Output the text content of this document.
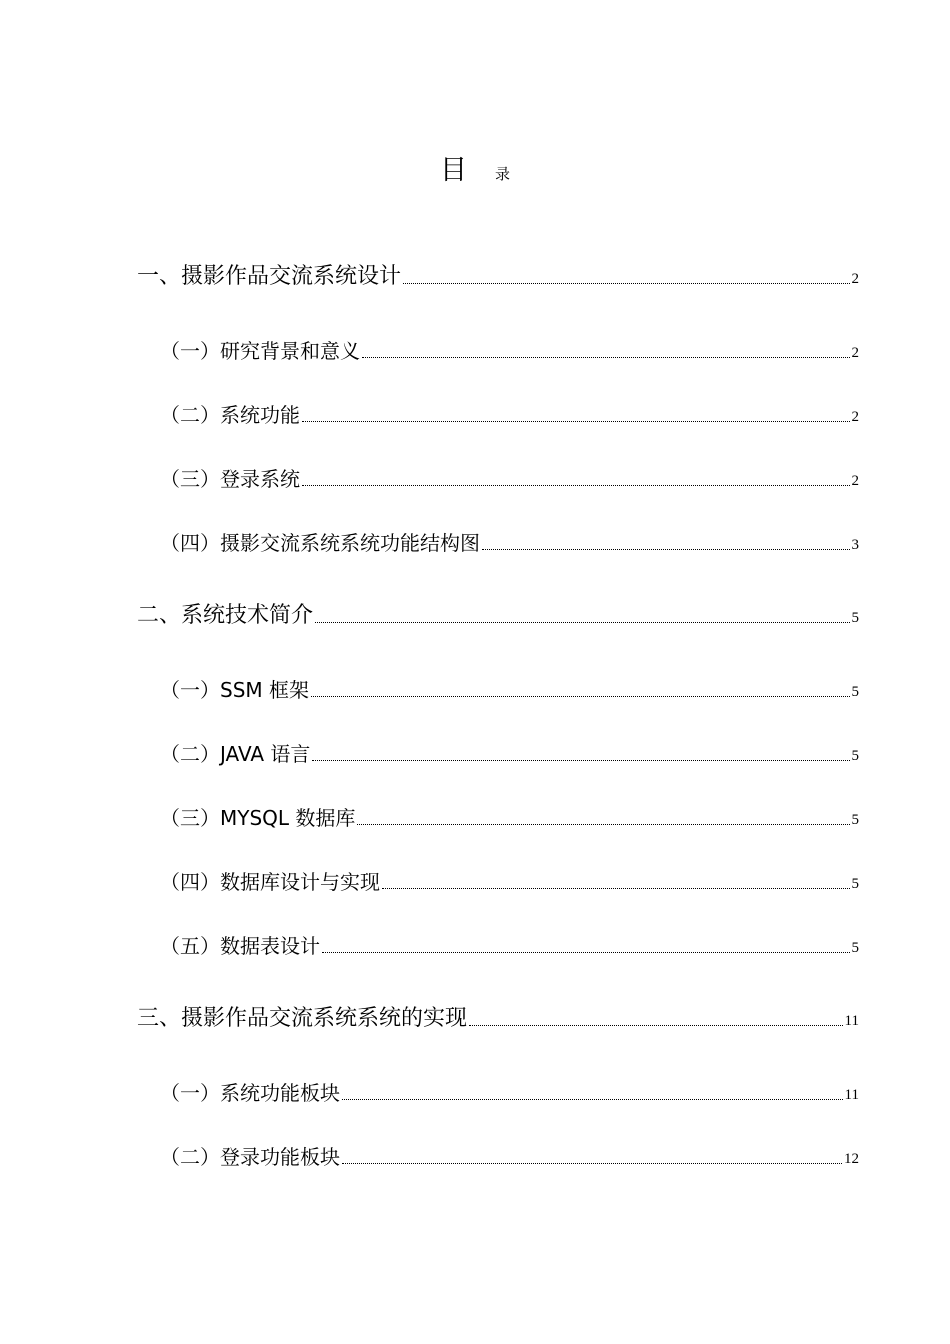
目 录
一、摄影作品交流系统设计	2
（一）研究背景和意义	2
（二）系统功能	2
（三）登录系统	2
（四）摄影交流系统系统功能结构图	3
二、系统技术简介	5
（一）SSM 框架	5
（二）JAVA 语言	5
（三）MYSQL 数据库	5
（四）数据库设计与实现	5
（五）数据表设计	5
三、摄影作品交流系统系统的实现	11
（一）系统功能板块	11
（二）登录功能板块	12
